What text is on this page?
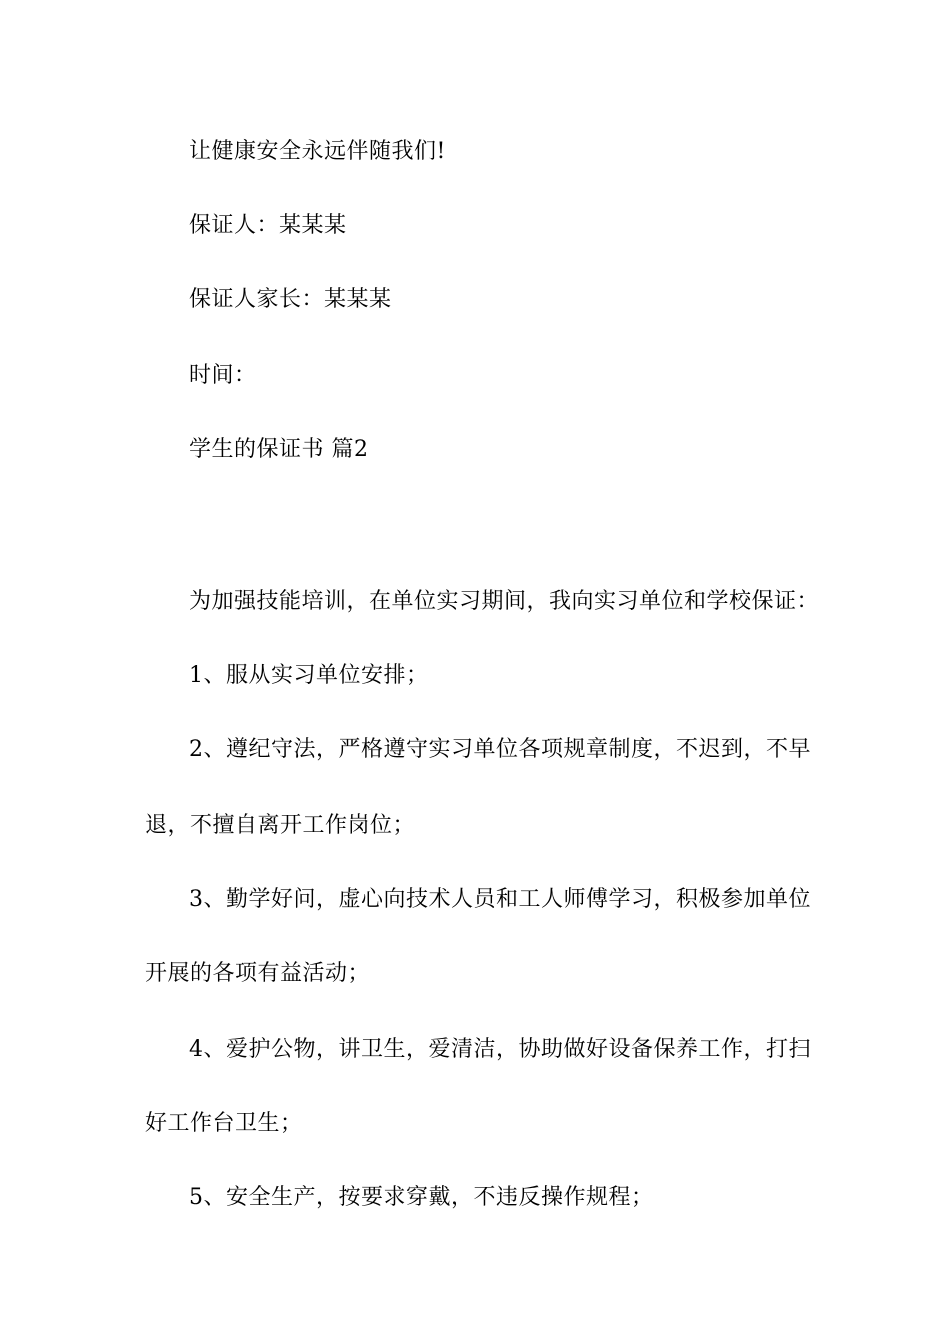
让健康安全永远伴随我们!
保证人：某某某
保证人家长：某某某
时间：
学生的保证书 篇2
为加强技能培训，在单位实习期间，我向实习单位和学校保证：
1、服从实习单位安排；
2、遵纪守法，严格遵守实习单位各项规章制度，不迟到，不早
退，不擅自离开工作岗位；
3、勤学好问，虚心向技术人员和工人师傅学习，积极参加单位
开展的各项有益活动；
4、爱护公物，讲卫生，爱清洁，协助做好设备保养工作，打扫
好工作台卫生；
5、安全生产，按要求穿戴，不违反操作规程；
